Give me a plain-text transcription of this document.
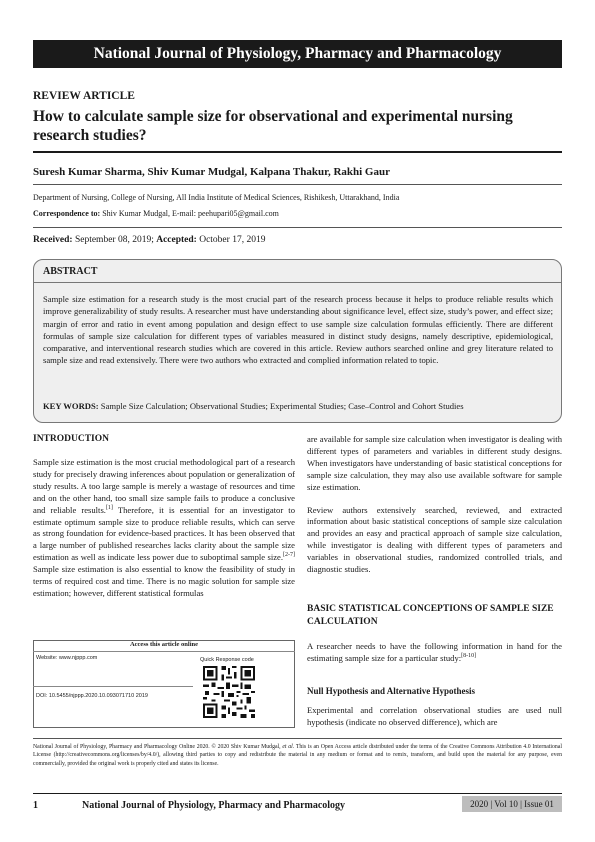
National Journal of Physiology, Pharmacy and Pharmacology
REVIEW ARTICLE
How to calculate sample size for observational and experimental nursing research studies?
Suresh Kumar Sharma, Shiv Kumar Mudgal, Kalpana Thakur, Rakhi Gaur
Department of Nursing, College of Nursing, All India Institute of Medical Sciences, Rishikesh, Uttarakhand, India
Correspondence to: Shiv Kumar Mudgal, E-mail: peehupari05@gmail.com
Received: September 08, 2019; Accepted: October 17, 2019
ABSTRACT
Sample size estimation for a research study is the most crucial part of the research process because it helps to produce reliable results which improve generalizability of study results. A researcher must have understanding about significance level, effect size, study’s power, and effect size; margin of error and ratio in event among population and design effect to use sample size calculation formulas efficiently. There are different formulas of sample size calculation for different types of variables measured in distinct study designs, namely descriptive, epidemiological, comparative, and interventional research studies which are covered in this article. Review authors searched online and grey literature related to sample size and read extensively. There were two authors who extracted and complied information related to topic.
KEY WORDS: Sample Size Calculation; Observational Studies; Experimental Studies; Case–Control and Cohort Studies
INTRODUCTION

Sample size estimation is the most crucial methodological part of a research study for precisely drawing inferences about population or generalization of study results. A too large sample is merely a wastage of resources and time and on the other hand, too small size sample fails to produce a conclusive and reliable results.[1] Therefore, it is essential for an investigator to estimate optimum sample size to produce reliable results, which can serve as strong foundation for evidence-based practices. It has been observed that a large number of published researches lacks clarity about the sample size estimation as well as indicate less power due to suboptimal sample size.[2-7] Sample size estimation is also essential to know the feasibility of study in terms of required cost and time. There is no magic solution for sample size estimation; however, different statistical formulas

Access this article online
Website: www.njppp.com	Quick Response code
DOI: 10.5455/njppp.2020.10.093071710 2019

are available for sample size calculation when investigator is dealing with different types of parameters and variables in different study designs. When investigators have understanding of basic statistical conceptions for sample size calculation, they may also use available software for sample size estimation.

Review authors extensively searched, reviewed, and extracted information about basic statistical conceptions of sample size calculation and provides an easy and practical approach of sample size calculation, while investigator is dealing with different types of parameters and variables in observational studies, randomized controlled trials, and diagnostic studies.

BASIC STATISTICAL CONCEPTIONS OF SAMPLE SIZE CALCULATION
A researcher needs to have the following information in hand for the estimating sample size for a particular study:[8-10]
Null Hypothesis and Alternative Hypothesis
Experimental and correlation observational studies are used null hypothesis (indicate no observed difference), which are
National Journal of Physiology, Pharmacy and Pharmacology Online 2020. © 2020 Shiv Kumar Mudgal, et al. This is an Open Access article distributed under the terms of the Creative Commons Attribution 4.0 International License (http://creativecommons.org/licenses/by/4.0/), allowing third parties to copy and redistribute the material in any medium or format and to remix, transform, and build upon the material for any purpose, even commercially, provided the original work is properly cited and states its license.
1	National Journal of Physiology, Pharmacy and Pharmacology	2020 | Vol 10 | Issue 01
